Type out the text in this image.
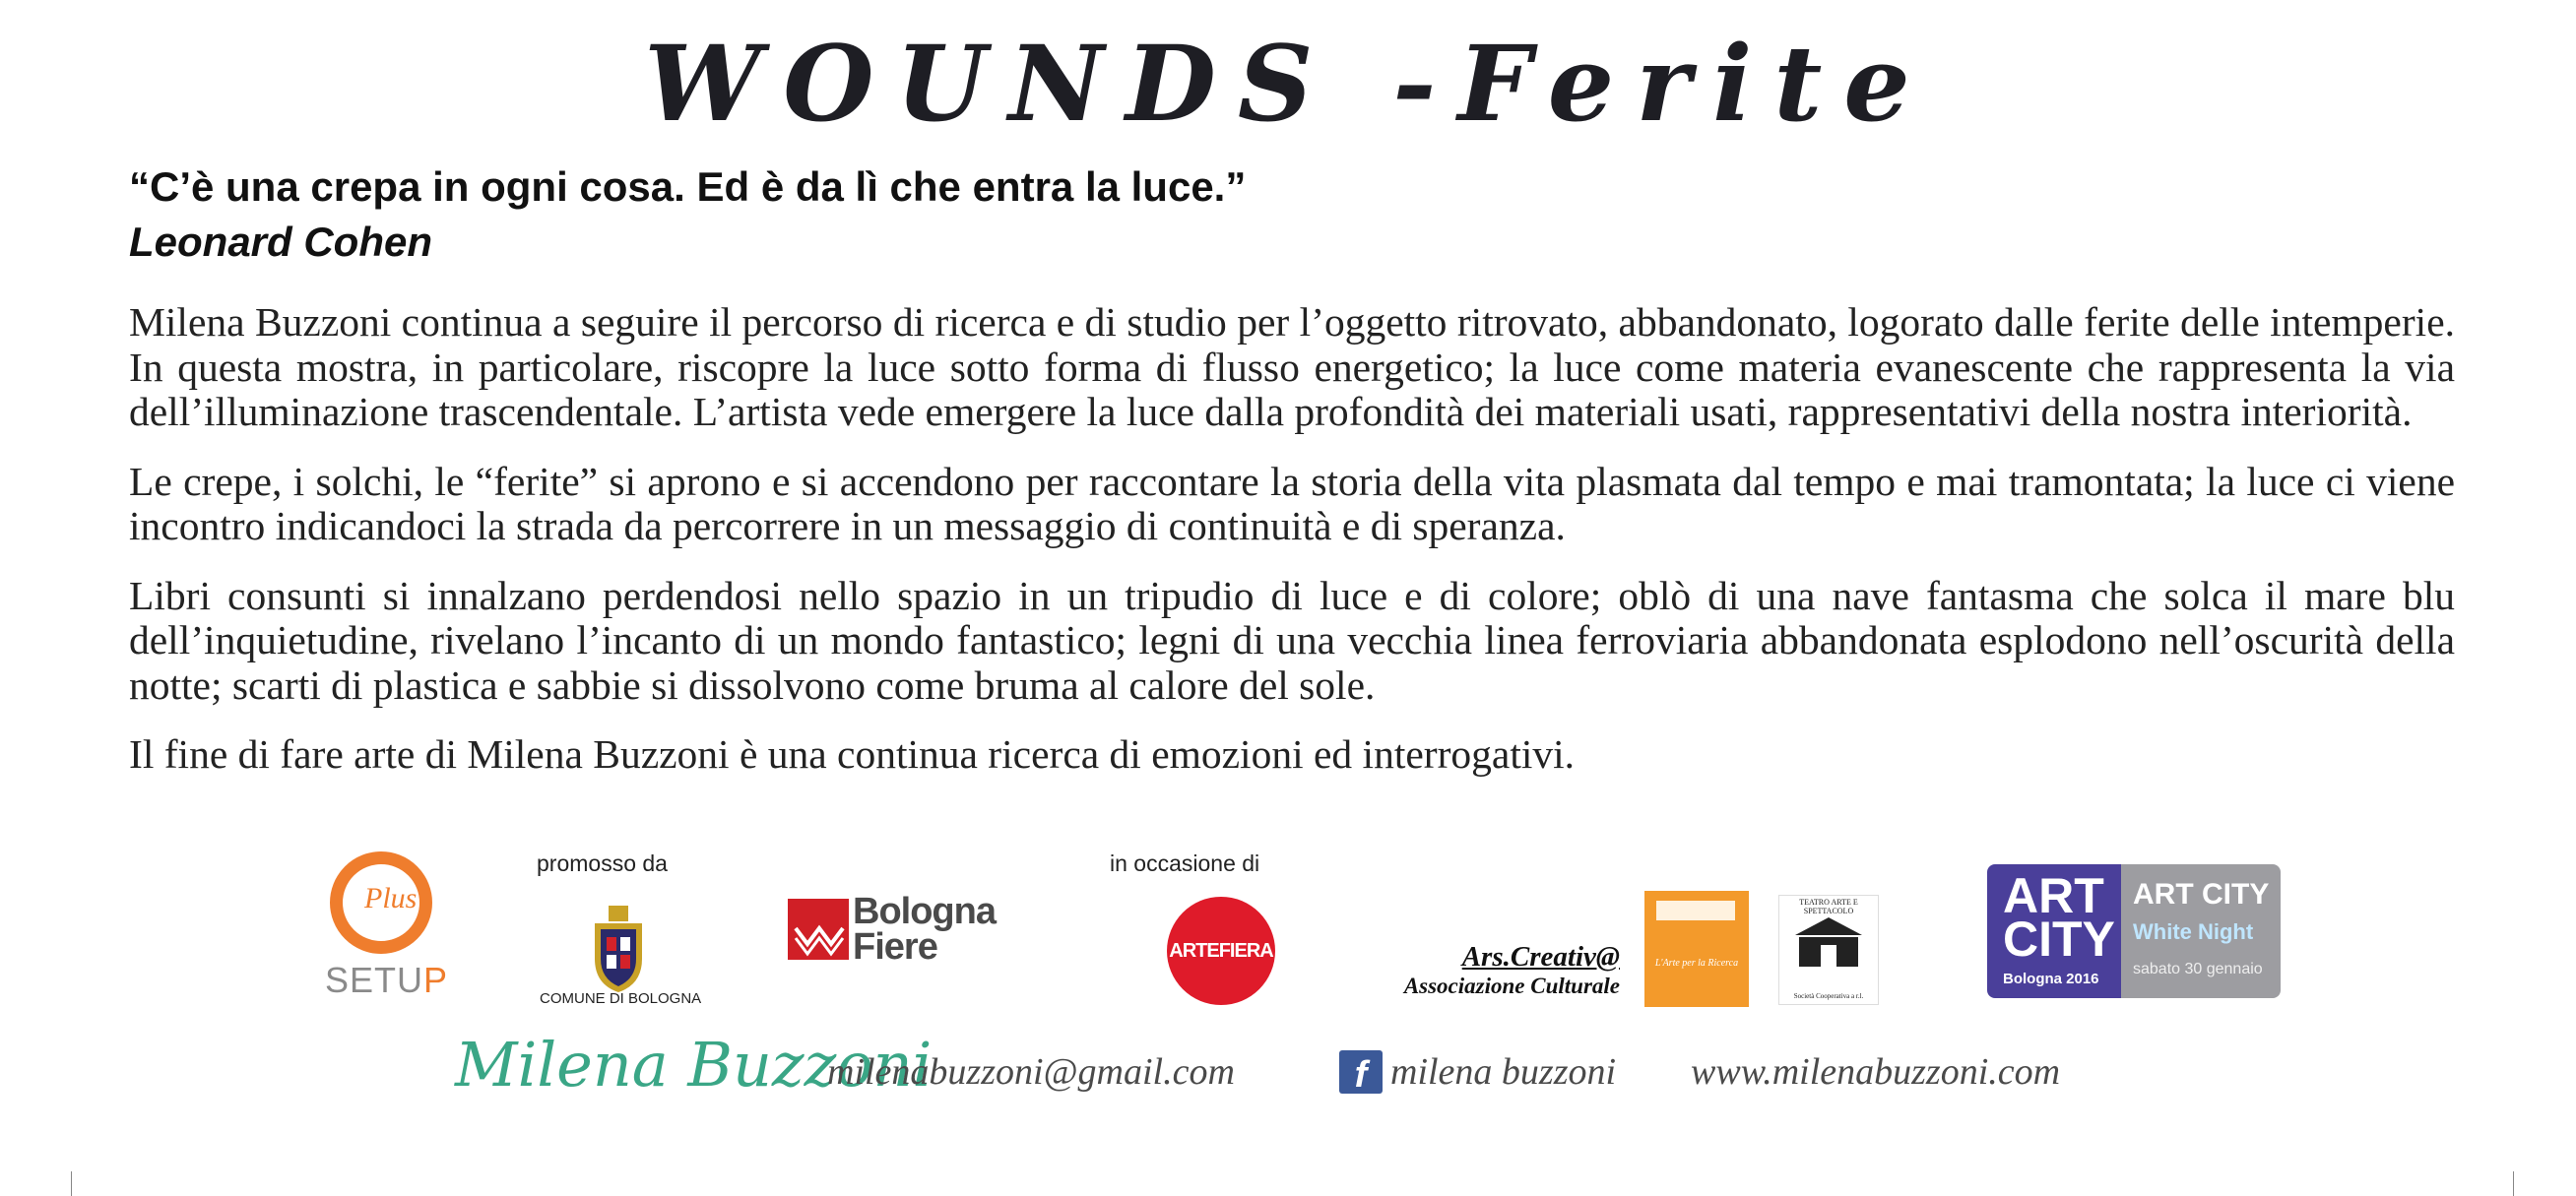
WOUNDS -Ferite
“C’è una crepa in ogni cosa. Ed è da lì che entra la luce.”
Leonard Cohen

Milena Buzzoni continua a seguire il percorso di ricerca e di studio per l’oggetto ritrovato, abbandonato, logorato dalle ferite delle intemperie. In questa mostra, in particolare, riscopre la luce sotto forma di flusso energetico; la luce come materia evanescente che rappresenta la via dell’illuminazione trascendentale. L’artista vede emergere la luce dalla profondità dei materiali usati, rappresentativi della nostra interiorità.

Le crepe, i solchi, le “ferite” si aprono e si accendono per raccontare la storia della vita plasmata dal tempo e mai tramontata; la luce ci viene incontro indicandoci la strada da percorrere in un messaggio di continuità e di speranza.

Libri consunti si innalzano perdendosi nello spazio in un tripudio di luce e di colore; oblò di una nave fantasma che solca il mare blu dell’inquietudine, rivelano l’incanto di un mondo fantastico; legni di una vecchia linea ferroviaria abbandonata esplodono nell’oscurità della notte; scarti di plastica e sabbie si dissolvono come bruma al calore del sole.

Il fine di fare arte di Milena Buzzoni è una continua ricerca di emozioni ed interrogativi.

Plus
SETUP
promosso da
COMUNE DI BOLOGNA
Bologna
Fiere
in occasione di
ARTEFIERA	Ars.Creativ@
Associazione Culturale
L'Arte per la Ricerca
TEATRO ARTE E SPETTACOLO
Società Cooperativa a r.l.
ART
CITY
Bologna 2016
ART CITY
White Night
sabato 30 gennaio
Milena Buzzoni
milenabuzzoni@gmail.com	f milena buzzoni www.milenabuzzoni.com
